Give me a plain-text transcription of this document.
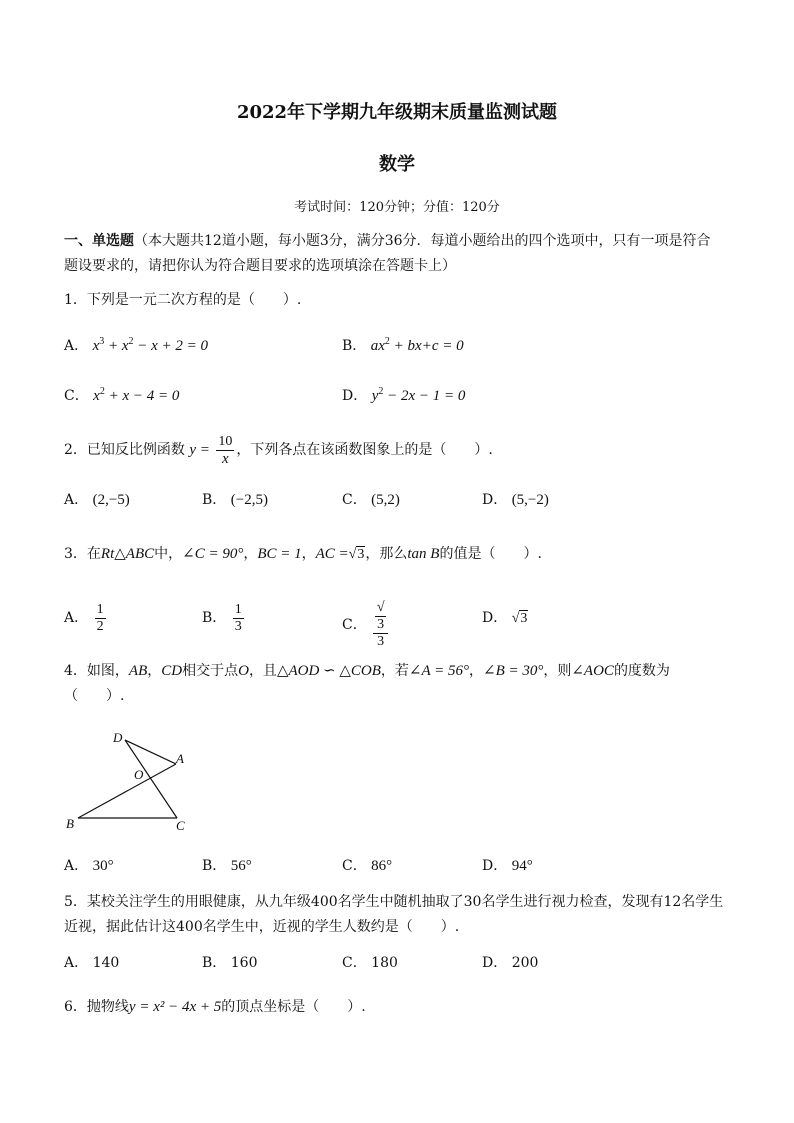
2022年下学期九年级期末质量监测试题
数学
考试时间：120分钟；分值：120分
一、单选题（本大题共12道小题，每小题3分，满分36分．每道小题给出的四个选项中，只有一项是符合
题设要求的，请把你认为符合题目要求的选项填涂在答题卡上）
1．下列是一元二次方程的是（　　）.
A． $x^3 + x^2 - x + 2 = 0$	B． $ax^2 + bx+c = 0$
C． $x^2 + x - 4 = 0$	D． $y^2 - 2x - 1 = 0$
2．已知反比例函数 $y = \frac{10}{x}$ ，下列各点在该函数图象上的是（　　）.
A． (2,−5)	B． (−2,5)	C． (5,2)	D． (5,−2)
3．在Rt△ABC中，∠C = 90°，BC = 1，AC =√3，那么tan B的值是（　　）.
A． $\frac{1}{2}$	B． $\frac{1}{3}$	C． √
3
3	D． √3
4．如图，AB，CD相交于点O，且△AOD ∽ △COB，若∠A = 56°，∠B = 30°，则∠AOC的度数为
（　　）.
D
A
O
B	C
A． 30°	B． 56°	C． 86°	D． 94°
5．某校关注学生的用眼健康，从九年级400名学生中随机抽取了30名学生进行视力检查，发现有12名学生
近视，据此估计这400名学生中，近视的学生人数约是（　　）.
A． 140	B． 160	C． 180	D． 200
6．抛物线y = x² − 4x + 5的顶点坐标是（　　）.
